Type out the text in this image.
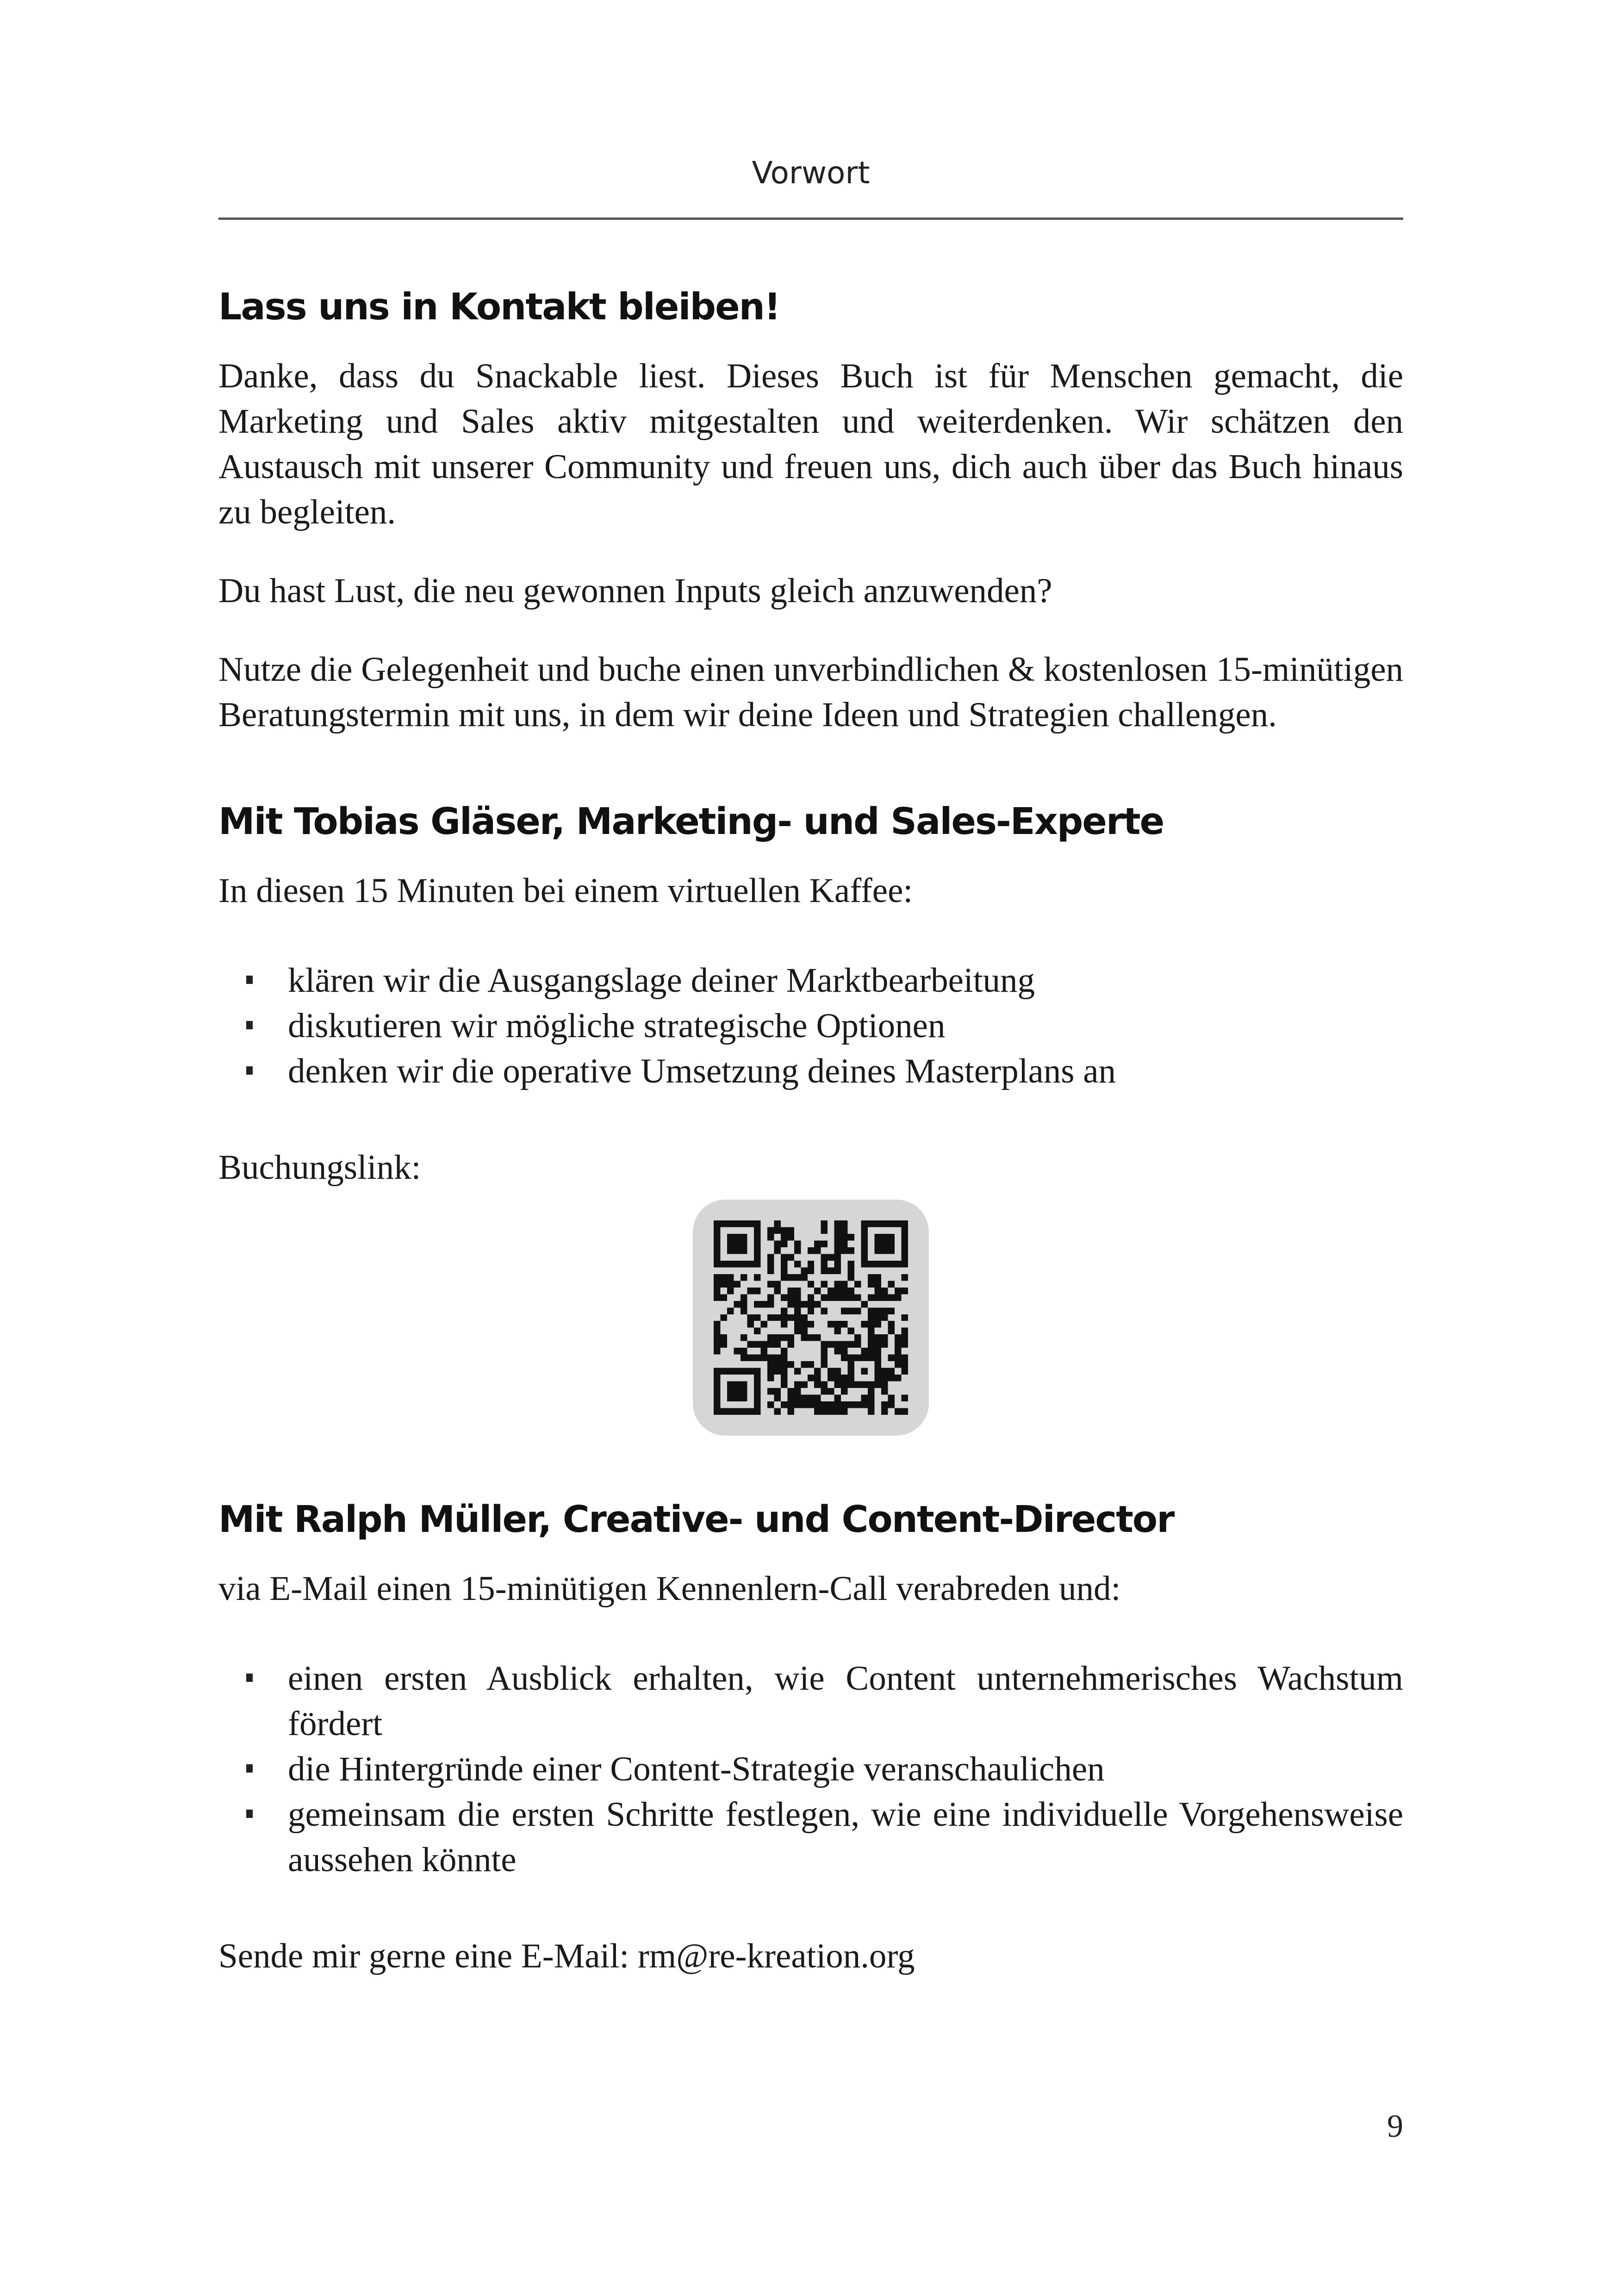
Vorwort
Lass uns in Kontakt bleiben!

Danke, dass du Snackable liest. Dieses Buch ist für Menschen gemacht, die Marketing und Sales aktiv mitgestalten und weiterdenken. Wir schätzen den Austausch mit unserer Community und freuen uns, dich auch über das Buch hinaus zu begleiten.

Du hast Lust, die neu gewonnen Inputs gleich anzuwenden?

Nutze die Gelegenheit und buche einen unverbindlichen & kostenlosen 15-minütigen Beratungstermin mit uns, in dem wir deine Ideen und Strategien challengen.

Mit Tobias Gläser, Marketing- und Sales-Experte

In diesen 15 Minuten bei einem virtuellen Kaffee:

klären wir die Ausgangslage deiner Marktbearbeitung
diskutieren wir mögliche strategische Optionen
denken wir die operative Umsetzung deines Masterplans an

Buchungslink:

Mit Ralph Müller, Creative- und Content-Director

via E-Mail einen 15-minütigen Kennenlern-Call verabreden und:

einen ersten Ausblick erhalten, wie Content unternehmerisches Wachstum fördert
die Hintergründe einer Content-Strategie veranschaulichen
gemeinsam die ersten Schritte festlegen, wie eine individuelle Vorgehensweise aussehen könnte

Sende mir gerne eine E-Mail: rm@re-kreation.org

9
